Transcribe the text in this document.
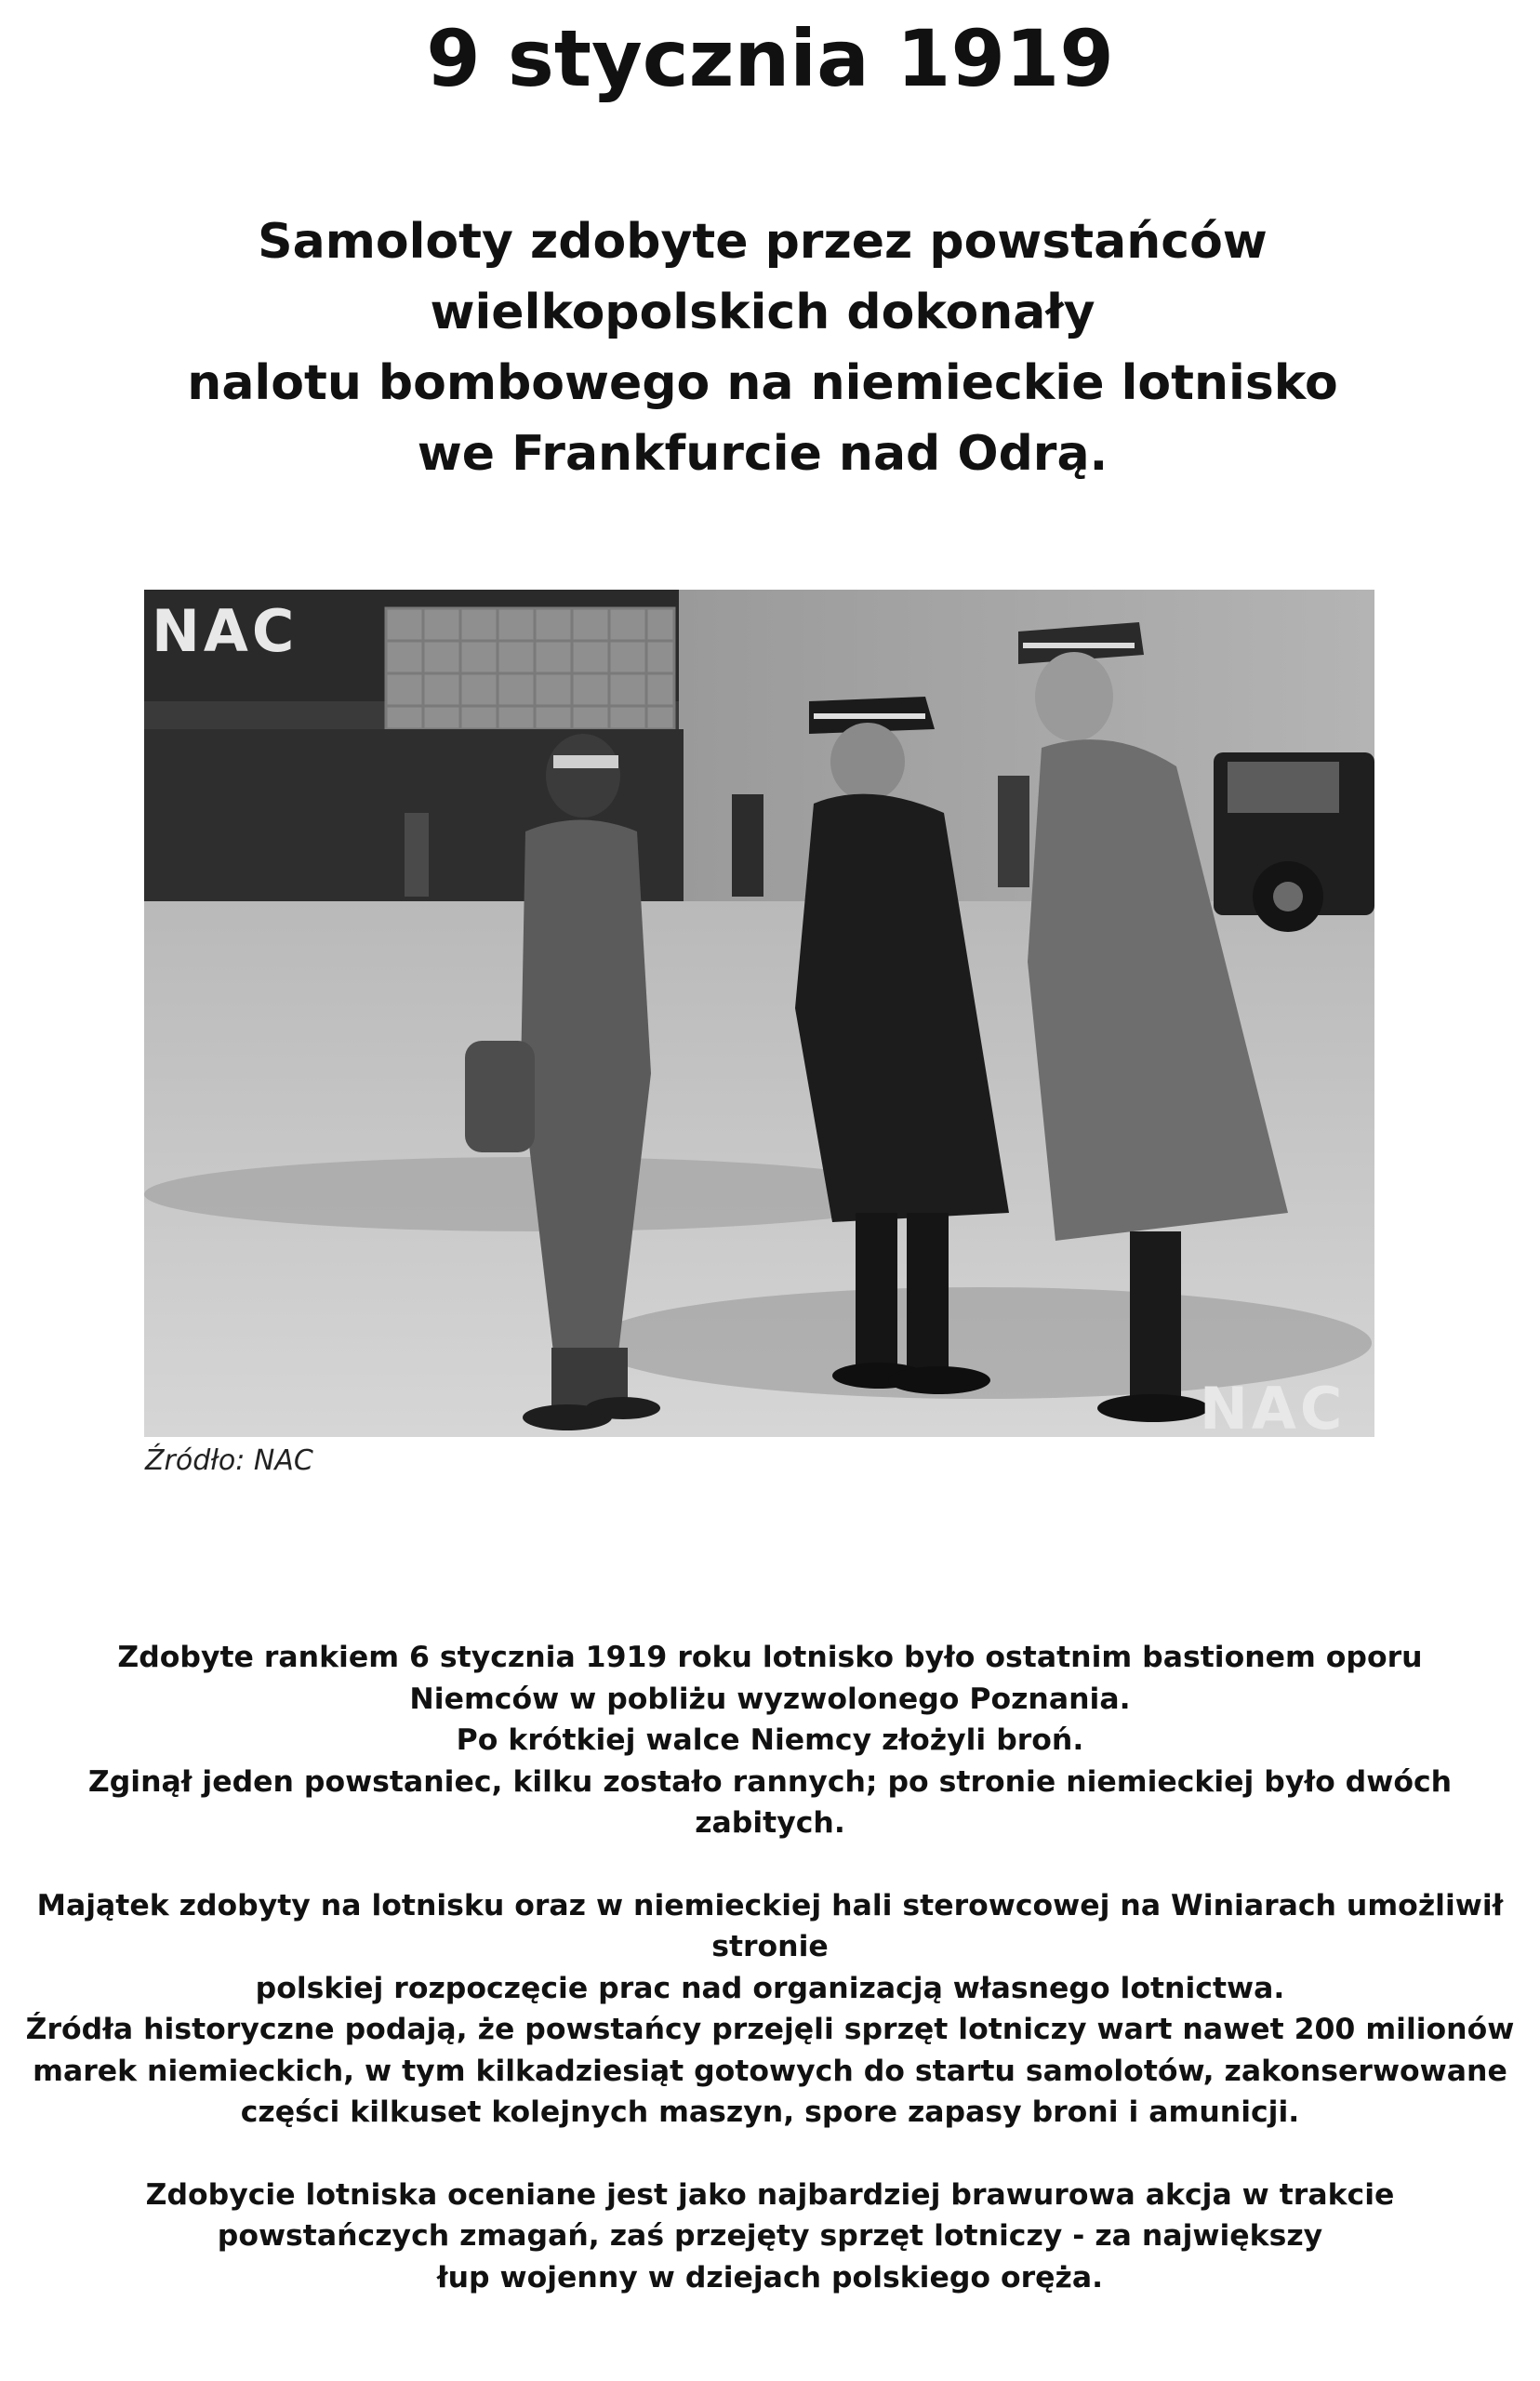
9 stycznia 1919
Samoloty zdobyte przez powstańców
wielkopolskich dokonały
nalotu bombowego na niemieckie lotnisko
we Frankfurcie nad Odrą.
NAC
NAC
Źródło: NAC
Zdobyte rankiem 6 stycznia 1919 roku lotnisko było ostatnim bastionem oporu
Niemców w pobliżu wyzwolonego Poznania.
Po krótkiej walce Niemcy złożyli broń.
Zginął jeden powstaniec, kilku zostało rannych; po stronie niemieckiej było dwóch zabitych.
Majątek zdobyty na lotnisku oraz w niemieckiej hali sterowcowej na Winiarach umożliwił stronie
polskiej rozpoczęcie prac nad organizacją własnego lotnictwa.
Źródła historyczne podają, że powstańcy przejęli sprzęt lotniczy wart nawet 200 milionów
marek niemieckich, w tym kilkadziesiąt gotowych do startu samolotów, zakonserwowane
części kilkuset kolejnych maszyn, spore zapasy broni i amunicji.
Zdobycie lotniska oceniane jest jako najbardziej brawurowa akcja w trakcie
powstańczych zmagań, zaś przejęty sprzęt lotniczy - za największy
łup wojenny w dziejach polskiego oręża.
